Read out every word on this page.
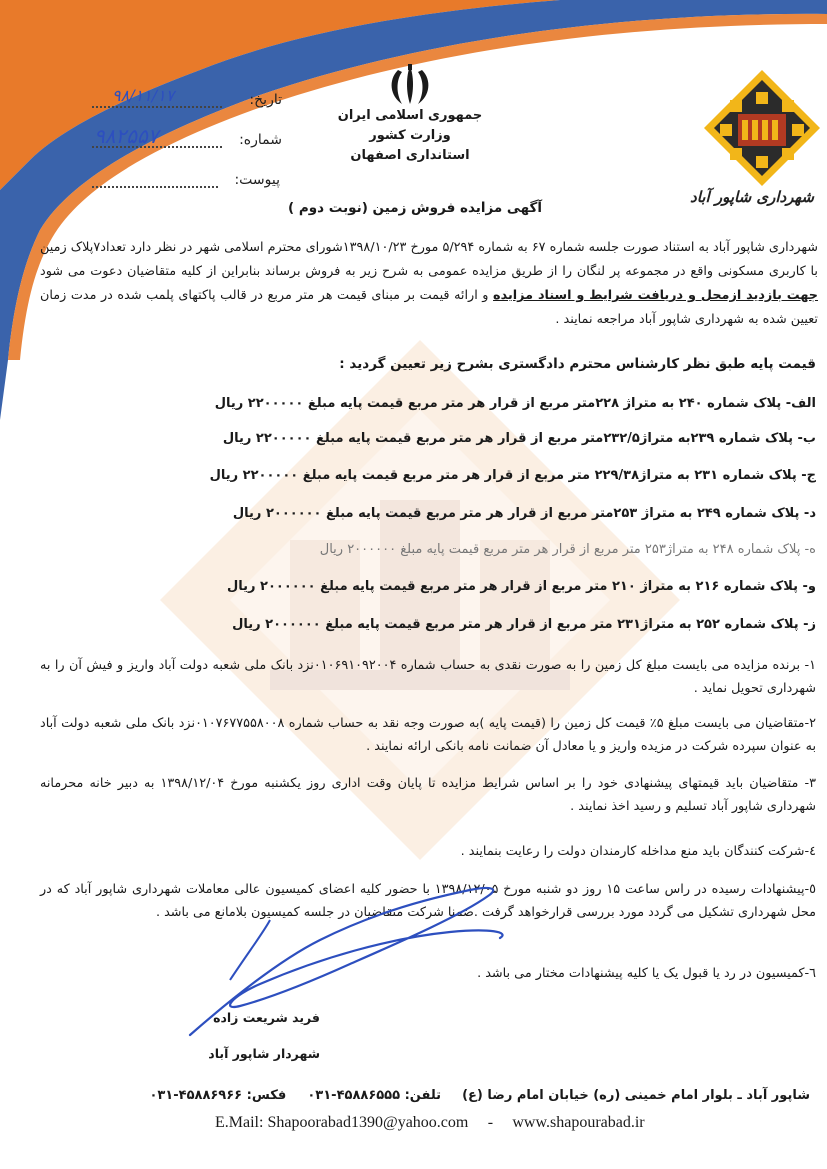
جمهوری اسلامی ایران
وزارت کشور
استانداری اصفهان
شهرداری شاپور آباد
تاریخ:
۹۸/۱۱/۱۷
شماره:
۹۸۲۵۵۷
پیوست:
آگهی مزایده فروش زمین (نوبت دوم )
شهرداری شاپور آباد به استناد صورت جلسه شماره ۶۷ به شماره ۵/۲۹۴ مورخ ۱۳۹۸/۱۰/۲۳شورای محترم اسلامی شهر در نظر دارد تعداد۷پلاک زمین با کاربری مسکونی واقع در مجموعه پر لنگان را از طریق مزایده عمومی به شرح زیر به فروش برساند بنابراین از کلیه متقاضیان دعوت می شود جهت بازدید ازمحل و دریافت شرایط و اسناد مزایده و ارائه قیمت بر مبنای قیمت هر متر مربع در قالب پاکتهای پلمب شده در مدت زمان تعیین شده به شهرداری شاپور آباد مراجعه نمایند .
قیمت پایه طبق نظر کارشناس محترم دادگستری بشرح زیر تعیین گردید :
الف- پلاک شماره ۲۴۰ به متراژ ۲۲۸متر مربع از قرار هر متر مربع قیمت پایه مبلغ ۲۲۰۰۰۰۰ ریال
ب- پلاک شماره ۲۳۹به متراژ۲۳۲/۵متر مربع از قرار هر متر مربع قیمت پایه مبلغ ۲۲۰۰۰۰۰ ریال
ج- پلاک شماره ۲۳۱ به متراژ۲۲۹/۳۸ متر مربع از قرار هر متر مربع قیمت پایه مبلغ ۲۲۰۰۰۰۰ ریال
د- پلاک شماره ۲۴۹ به متراژ ۲۵۳متر مربع از قرار هر متر مربع قیمت پایه مبلغ ۲۰۰۰۰۰۰ ریال
ه- پلاک شماره ۲۴۸ به متراژ۲۵۳ متر مربع از قرار هر متر مربع قیمت پایه مبلغ ۲۰۰۰۰۰۰ ریال
و- پلاک شماره ۲۱۶ به متراژ ۲۱۰ متر مربع از قرار هر متر مربع قیمت پایه مبلغ ۲۰۰۰۰۰۰ ریال
ز- پلاک شماره ۲۵۲ به متراژ۲۳۱ متر مربع از قرار هر متر مربع قیمت پایه مبلغ ۲۰۰۰۰۰۰ ریال
۱- برنده مزایده می بایست مبلغ کل زمین را به صورت نقدی به حساب شماره ۰۱۰۶۹۱۰۹۲۰۰۴نزد بانک ملی شعبه دولت آباد واریز و فیش آن را به شهرداری تحویل نماید .
۲-متقاضیان می بایست مبلغ ۵٪ قیمت کل زمین را (قیمت پایه )به صورت وجه نقد به حساب شماره ۰۱۰۷۶۷۷۵۵۸۰۰۸نزد بانک ملی شعبه دولت آباد به عنوان سپرده شرکت در مزیده واریز و یا معادل آن ضمانت نامه بانکی ارائه نمایند .
۳- متقاضیان باید قیمتهای پیشنهادی خود را بر اساس شرایط مزایده تا پایان وقت اداری روز یکشنبه مورخ ۱۳۹۸/۱۲/۰۴ به دبیر خانه محرمانه شهرداری شاپور آباد تسلیم و رسید اخذ نمایند .
٤-شرکت کنندگان باید منع مداخله کارمندان دولت را رعایت بنمایند .
٥-پیشنهادات رسیده در راس ساعت ۱۵ روز دو شنبه مورخ ۱۳۹۸/۱۲/۰۵ با حضور کلیه اعضای کمیسیون عالی معاملات شهرداری شاپور آباد که در محل شهرداری تشکیل می گردد مورد بررسی قرارخواهد گرفت .ضمنا شرکت متقاضیان در جلسه کمیسیون بلامانع می باشد .
٦-کمیسیون در رد یا قبول یک یا کلیه پیشنهادات مختار می باشد .
فرید شریعت زاده
شهردار شاپور آباد
شاپور آباد ـ بلوار امام خمینی (ره) خیابان امام رضا (ع)  تلفن: ۰۳۱-۴۵۸۸۶۵۵۵  فکس: ۰۳۱-۴۵۸۸۶۹۶۶
E.Mail: Shapoorabad1390@yahoo.com - www.shapourabad.ir
